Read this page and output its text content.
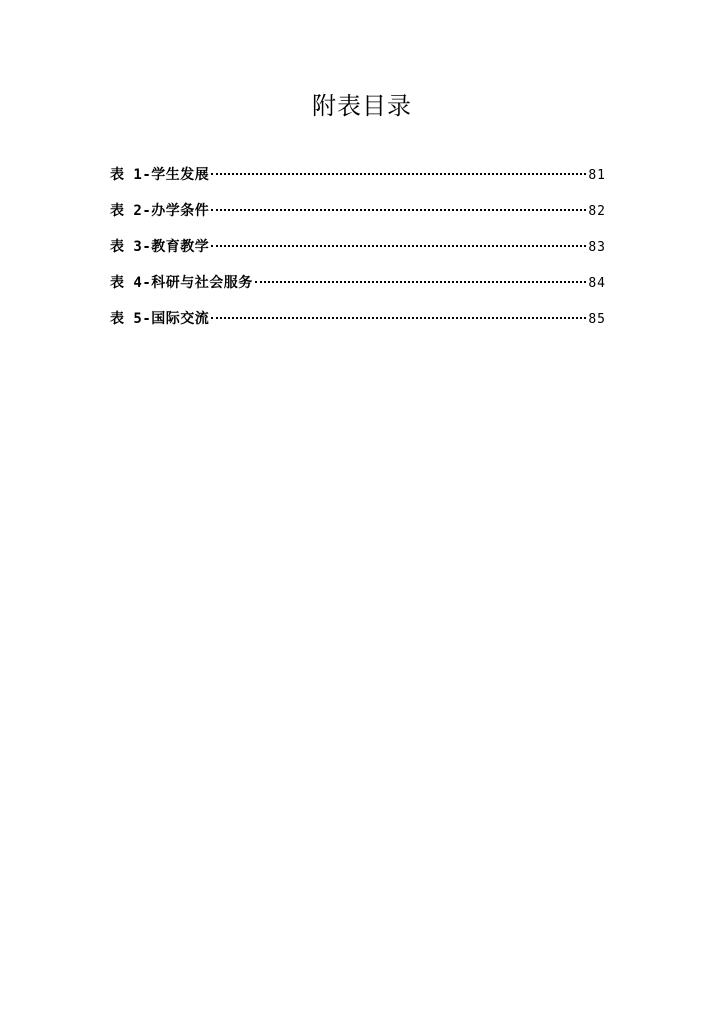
附表目录
表 1-学生发展	81
表 2-办学条件	82
表 3-教育教学	83
表 4-科研与社会服务	84
表 5-国际交流	85
